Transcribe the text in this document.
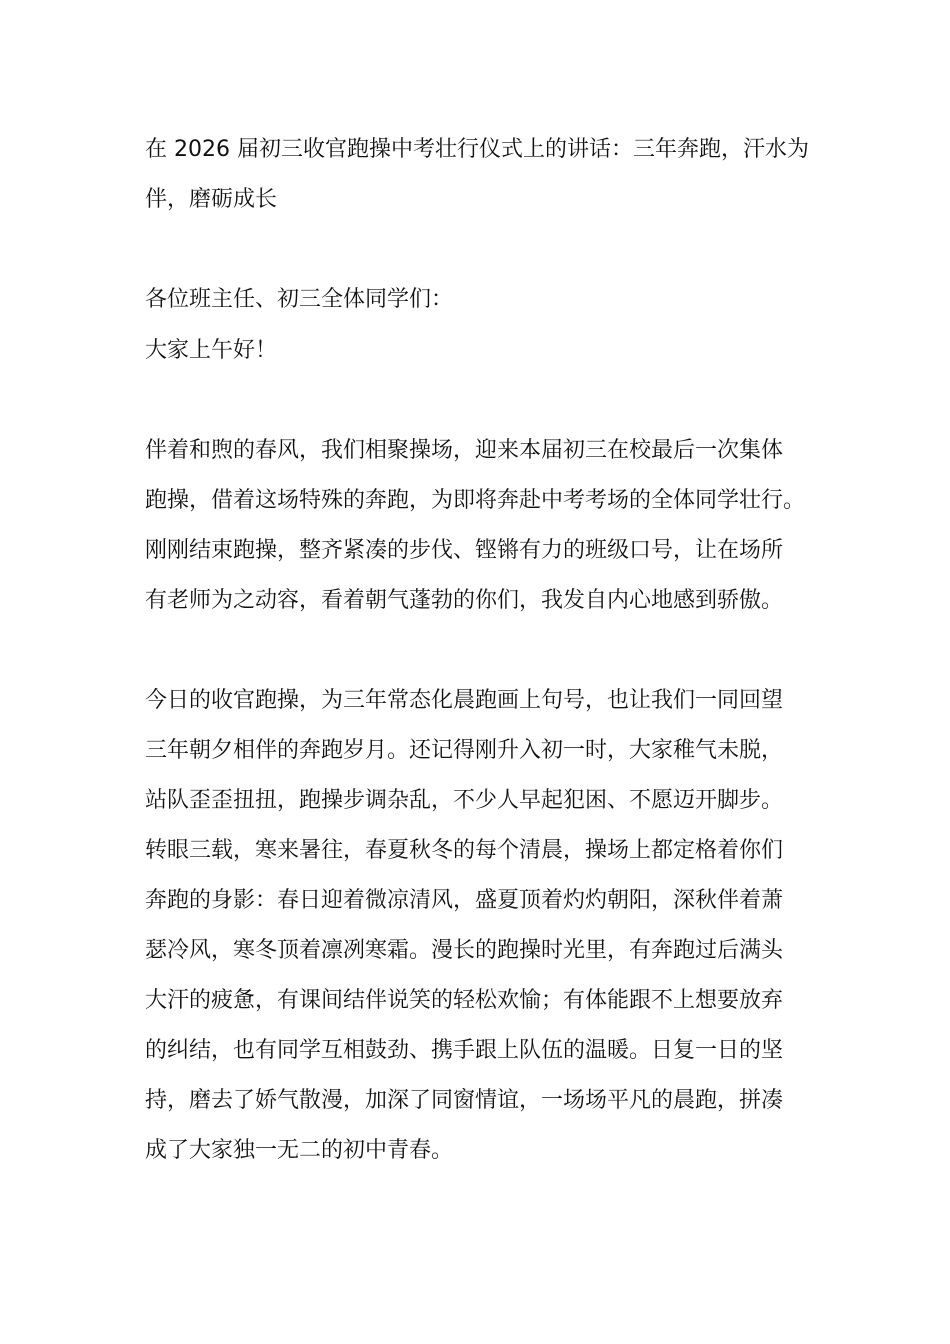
在 2026 届初三收官跑操中考壮行仪式上的讲话：三年奔跑，汗水为

伴，磨砺成长

各位班主任、初三全体同学们：

大家上午好！

伴着和煦的春风，我们相聚操场，迎来本届初三在校最后一次集体

跑操，借着这场特殊的奔跑，为即将奔赴中考考场的全体同学壮行。

刚刚结束跑操，整齐紧凑的步伐、铿锵有力的班级口号，让在场所

有老师为之动容，看着朝气蓬勃的你们，我发自内心地感到骄傲。

今日的收官跑操，为三年常态化晨跑画上句号，也让我们一同回望

三年朝夕相伴的奔跑岁月。还记得刚升入初一时，大家稚气未脱，

站队歪歪扭扭，跑操步调杂乱，不少人早起犯困、不愿迈开脚步。

转眼三载，寒来暑往，春夏秋冬的每个清晨，操场上都定格着你们

奔跑的身影：春日迎着微凉清风，盛夏顶着灼灼朝阳，深秋伴着萧

瑟冷风，寒冬顶着凛冽寒霜。漫长的跑操时光里，有奔跑过后满头

大汗的疲惫，有课间结伴说笑的轻松欢愉；有体能跟不上想要放弃

的纠结，也有同学互相鼓劲、携手跟上队伍的温暖。日复一日的坚

持，磨去了娇气散漫，加深了同窗情谊，一场场平凡的晨跑，拼凑

成了大家独一无二的初中青春。
